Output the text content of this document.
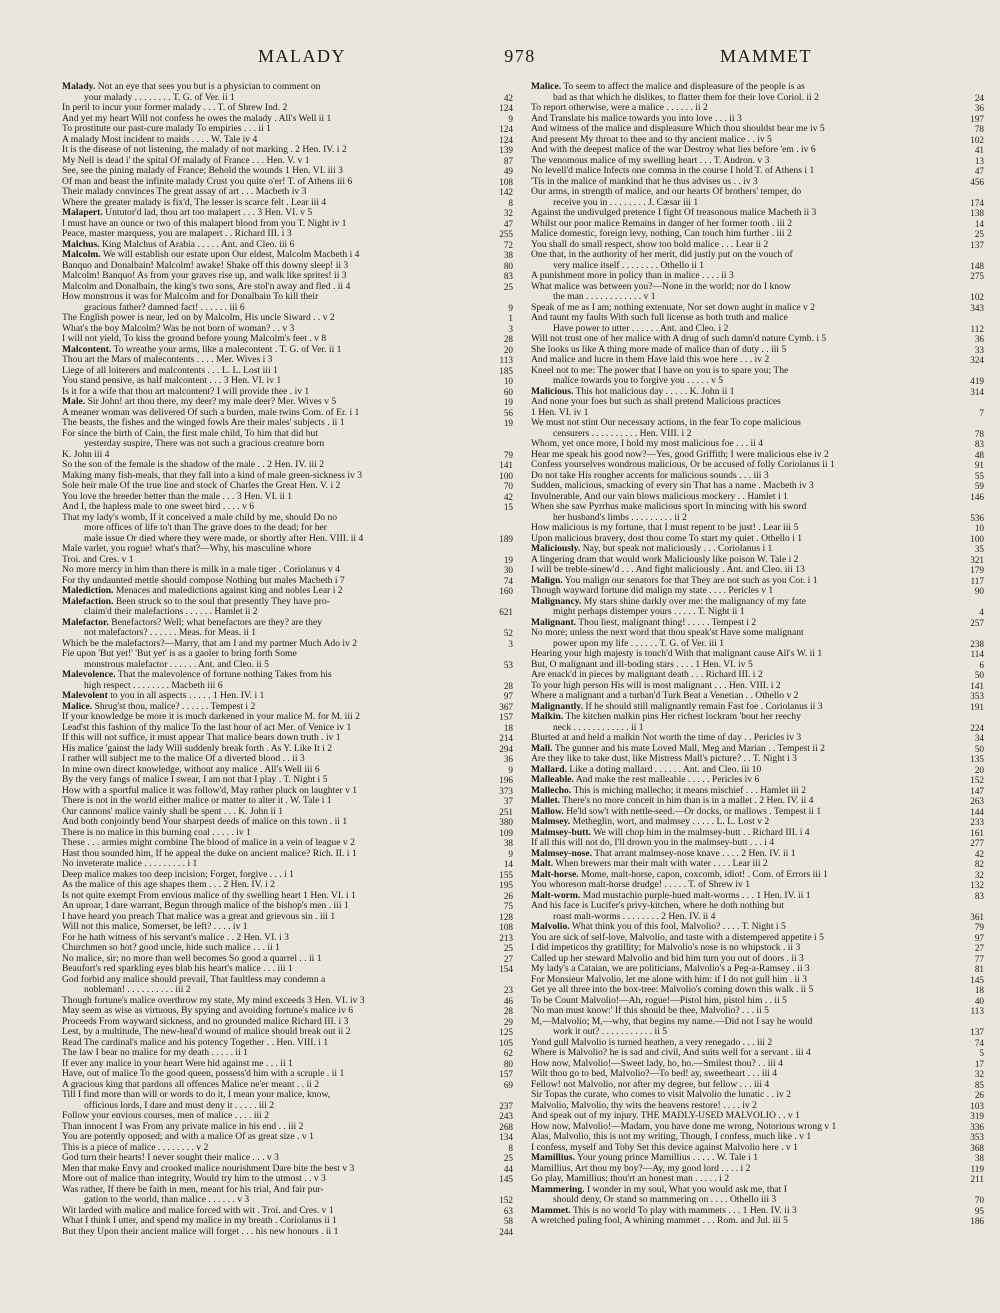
MALADY	978	MAMMET
Malady. Not an eye that sees you but is a physician to comment on
your malady . . . . . . . . T. G. of Ver. ii 1	42
In peril to incur your former malady . . . T. of Shrew Ind. 2	124
And yet my heart Will not confess he owes the malady . All's Well ii 1	9
To prostitute our past-cure malady To empiries . . . ii 1	124
A malady Most incident to maids . . . . W. Tale iv 4	124
It is the disease of not listening, the malady of not marking . 2 Hen. IV. i 2	139
My Nell is dead i' the spital Of malady of France . . . Hen. V. v 1	87
See, see the pining malady of France; Behold the wounds 1 Hen. VI. iii 3	49
Of man and beast the infinite malady Crust you quite o'er! T. of Athens iii 6	108
Their malady convinces The great assay of art . . . Macbeth iv 3	142
Where the greater malady is fix'd, The lesser is scarce felt . Lear iii 4	8
Malapert. Untutor'd lad, thou art too malapert . . . 3 Hen. VI. v 5	32
I must have an ounce or two of this malapert blood from you T. Night iv 1	47
Peace, master marquess, you are malapert . . Richard III. i 3	255
Malchus. King Malchus of Arabia . . . . . Ant. and Cleo. iii 6	72
Malcolm. We will establish our estate upon Our eldest, Malcolm Macbeth i 4	38
Banquo and Donalbain! Malcolm! awake! Shake off this downy sleep! ii 3	80
Malcolm! Banquo! As from your graves rise up, and walk like sprites! ii 3	83
Malcolm and Donalbain, the king's two sons, Are stol'n away and fled . ii 4	25
How monstrous it was for Malcolm and for Donalbain To kill their
gracious father? damned fact! . . . . . . iii 6	9
The English power is near, led on by Malcolm, His uncle Siward . . v 2	1
What's the boy Malcolm? Was he not born of woman? . . v 3	3
I will not yield, To kiss the ground before young Malcolm's feet . v 8	28
Malcontent. To wreathe your arms, like a malecontent . T. G. of Ver. ii 1	20
Thou art the Mars of malecontents . . . . Mer. Wives i 3	113
Liege of all loiterers and malcontents . . . L. L. Lost iii 1	185
You stand pensive, as half malcontent . . . 3 Hen. VI. iv 1	10
Is it for a wife that thou art malcontent? I will provide thee . iv 1	60
Male. Sir John! art thou there, my deer? my male deer? Mer. Wives v 5	19
A meaner woman was delivered Of such a burden, male twins Com. of Er. i 1	56
The beasts, the fishes and the winged fowls Are their males' subjects . ii 1	19
For since the birth of Cain, the first male child, To him that did but
yesterday suspire, There was not such a gracious creature born
K. John iii 4	79
So the son of the female is the shadow of the male . . 2 Hen. IV. iii 2	141
Making many fish-meals, that they fall into a kind of male green-sickness iv 3	100
Sole heir male Of the true line and stock of Charles the Great Hen. V. i 2	70
You love the breeder better than the male . . . 3 Hen. VI. ii 1	42
And I, the hapless male to one sweet bird . . . . v 6	15
That my lady's womb, If it conceived a male child by me, should Do no
more offices of life to't than The grave does to the dead; for her
male issue Or died where they were made, or shortly after Hen. VIII. ii 4	189
Male varlet, you rogue! what's that?—Why, his masculine whore
Troi. and Cres. v 1	19
No more mercy in him than there is milk in a male tiger . Coriolanus v 4	30
For thy undaunted mettle should compose Nothing but males Macbeth i 7	74
Malediction. Menaces and maledictions against king and nobles Lear i 2	160
Malefaction. Been struck so to the soul that presently They have pro-
claim'd their malefactions . . . . . . Hamlet ii 2	621
Malefactor. Benefactors? Well; what benefactors are they? are they
not malefactors? . . . . . . Meas. for Meas. ii 1	52
Which be the malefactors?—Marry, that am I and my partner Much Ado iv 2	3
Fie upon 'But yet!' 'But yet' is as a gaoler to bring forth Some
monstrous malefactor . . . . . . Ant. and Cleo. ii 5	53
Malevolence. That the malevolence of fortune nothing Takes from his
high respect . . . . . . . . Macbeth iii 6	28
Malevolent to you in all aspects . . . . . 1 Hen. IV. i 1	97
Malice. Shrug'st thou, malice? . . . . . . Tempest i 2	367
If your knowledge be more it is much darkened in your malice M. for M. iii 2	157
Lead'st this fashion of thy malice To the last hour of act Mer. of Venice iv 1	18
If this will not suffice, it must appear That malice bears down truth . iv 1	214
His malice 'gainst the lady Will suddenly break forth . As Y. Like It i 2	294
I rather will subject me to the malice Of a diverted blood . . ii 3	36
In mine own direct knowledge, without any malice . All's Well iii 6	9
By the very fangs of malice I swear, I am not that I play . T. Night i 5	196
How with a sportful malice it was follow'd, May rather pluck on laughter v 1	373
There is not in the world either malice or matter to alter it . W. Tale i 1	37
Our cannons' malice vainly shall be spent . . . K. John ii 1	251
And both conjointly bend Your sharpest deeds of malice on this town . ii 1	380
There is no malice in this burning coal . . . . . iv 1	109
These . . . armies might combine The blood of malice in a vein of league v 2	38
Hast thou sounded him, If he appeal the duke on ancient malice? Rich. II. i 1	9
No inveterate malice . . . . . . . . . i 1	14
Deep malice makes too deep incision; Forget, forgive . . . i 1	155
As the malice of this age shapes them . . . 2 Hen. IV. i 2	195
Is not quite exempt From envious malice of thy swelling heart 1 Hen. VI. i 1	26
An uproar, I dare warrant, Begun through malice of the bishop's men . iii 1	75
I have heard you preach That malice was a great and grievous sin . iii 1	128
Will not this malice, Somerset, be left? . . . . iv 1	108
For he hath witness of his servant's malice . . 2 Hen. VI. i 3	213
Churchmen so hot? good uncle, hide such malice . . . ii 1	25
No malice, sir; no more than well becomes So good a quarrel . . ii 1	27
Beaufort's red sparkling eyes blab his heart's malice . . . iii 1	154
God forbid any malice should prevail, That faultless may condemn a
nobleman! . . . . . . . . . . iii 2	23
Though fortune's malice overthrow my state, My mind exceeds 3 Hen. VI. iv 3	46
May seem as wise as virtuous, By spying and avoiding fortune's malice iv 6	28
Proceeds From wayward sickness, and no grounded malice Richard III. i 3	29
Lest, by a multitude, The new-heal'd wound of malice should break out ii 2	125
Read The cardinal's malice and his potency Together . . Hen. VIII. i 1	105
The law I bear no malice for my death . . . . . ii 1	62
If ever any malice in your heart Were hid against me . . . ii 1	80
Have, out of malice To the good queen, possess'd him with a scruple . ii 1	157
A gracious king that pardons all offences Malice ne'er meant . . ii 2	69
Till I find more than will or words to do it, I mean your malice, know,
officious lords, I dare and must deny it . . . . . iii 2	237
Follow your envious courses, men of malice . . . . iii 2	243
Than innocent I was From any private malice in his end . . iii 2	268
You are potently opposed; and with a malice Of as great size . v 1	134
This is a piece of malice . . . . . . . . v 2	8
God turn their hearts! I never sought their malice . . . v 3	25
Men that make Envy and crooked malice nourishment Dare bite the best v 3	44
More out of malice than integrity, Would try him to the utmost . . v 3	145
Was rather, If there be faith in men, meant for his trial, And fair pur-
gation to the world, than malice . . . . . . v 3	152
Wit larded with malice and malice forced with wit . Troi. and Cres. v 1	63
What I think I utter, and spend my malice in my breath . Coriolanus ii 1	58
But they Upon their ancient malice will forget . . . his new honours . ii 1	244
Malice. To seem to affect the malice and displeasure of the people is as
bad as that which he dislikes, to flatter them for their love Coriol. ii 2	24
To report otherwise, were a malice . . . . . . ii 2	36
And Translate his malice towards you into love . . . ii 3	197
And witness of the malice and displeasure Which thou shouldst bear me iv 5	78
And present My throat to thee and to thy ancient malice . . iv 5	102
And with the deepest malice of the war Destroy what lies before 'em . iv 6	41
The venomous malice of my swelling heart . . . T. Andron. v 3	13
No levell'd malice Infects one comma in the course I hold T. of Athens i 1	47
'Tis in the malice of mankind that he thus advises us . . iv 3	456
Our arms, in strength of malice, and our hearts Of brothers' temper, do
receive you in . . . . . . . . J. Cæsar iii 1	174
Against the undivulged pretence I fight Of treasonous malice Macbeth ii 3	138
Whilst our poor malice Remains in danger of her former tooth . iii 2	14
Malice domestic, foreign levy, nothing, Can touch him further . iii 2	25
You shall do small respect, show too bold malice . . . Lear ii 2	137
One that, in the authority of her merit, did justly put on the vouch of
very malice itself . . . . . . . . Othello ii 1	148
A punishment more in policy than in malice . . . . ii 3	275
What malice was between you?—None in the world; nor do I know
the man . . . . . . . . . . . . v 1	102
Speak of me as I am; nothing extenuate, Nor set down aught in malice v 2	343
And taunt my faults With such full license as both truth and malice
Have power to utter . . . . . . Ant. and Cleo. i 2	112
Will not trust one of her malice with A drug of such damn'd nature Cymb. i 5	36
She looks us like A thing more made of malice than of duty . . iii 5	33
And malice and lucre in them Have laid this woe here . . . iv 2	324
Kneel not to me: The power that I have on you is to spare you; The
malice towards you to forgive you . . . . . v 5	419
Malicious. This hot malicious day . . . . . K. John ii 1	314
And none your foes but such as shall pretend Malicious practices
1 Hen. VI. iv 1	7
We must not stint Our necessary actions, in the fear To cope malicious
censurers . . . . . . . . . . Hen. VIII. i 2	78
Whom, yet once more, I hold my most malicious foe . . . ii 4	83
Hear me speak his good now?—Yes, good Griffith; I were malicious else iv 2	48
Confess yourselves wondrous malicious, Or be accused of folly Coriolanus ii 1	91
Do not take His rougher accents for malicious sounds . . . iii 3	55
Sudden, malicious, smacking of every sin That has a name . Macbeth iv 3	59
Invulnerable, And our vain blows malicious mockery . . Hamlet i 1	146
When she saw Pyrrhus make malicious sport In mincing with his sword
her husband's limbs . . . . . . . . . ii 2	536
How malicious is my fortune, that I must repent to be just! . Lear iii 5	10
Upon malicious bravery, dost thou come To start my quiet . Othello i 1	100
Maliciously. Nay, but speak not maliciously . . . Coriolanus i 1	35
A lingering dram that would work Maliciously like poison W. Tale i 2	321
I will be treble-sinew'd . . . And fight maliciously . Ant. and Cleo. iii 13	179
Malign. You malign our senators for that They are not such as you Cor. i 1	117
Though wayward fortune did malign my state . . . . Pericles v 1	90
Malignancy. My stars shine darkly over me: the malignancy of my fate
might perhaps distemper yours . . . . . T. Night ii 1	4
Malignant. Thou liest, malignant thing! . . . . . Tempest i 2	257
No more; unless the next word that thou speak'st Have some malignant
power upon my life . . . . . . T. G. of Ver. iii 1	238
Hearing your high majesty is touch'd With that malignant cause All's W. ii 1	114
But, O malignant and ill-boding stars . . . . 1 Hen. VI. iv 5	6
Are enack'd in pieces by malignant death . . . Richard III. i 2	50
To your high person His will is most malignant . . . Hen. VIII. i 2	141
Where a malignant and a turban'd Turk Beat a Venetian . . Othello v 2	353
Malignantly. If he should still malignantly remain Fast foe . Coriolanus ii 3	191
Malkin. The kitchen malkin pins Her richest lockram 'bout her reechy
neck . . . . . . . . . . . . ii 1	224
Blurted at and held a malkin Not worth the time of day . . Pericles iv 3	34
Mall. The gunner and his mate Loved Mall, Meg and Marian . . Tempest ii 2	50
Are they like to take dust, like Mistress Mall's picture? . . T. Night i 3	135
Mallard. Like a doting mallard . . . . . . Ant. and Cleo. iii 10	20
Malleable. And make the rest malleable . . . . . Pericles iv 6	152
Mallecho. This is miching mallecho; it means mischief . . . Hamlet iii 2	147
Mallet. There's no more conceit in him than is in a mallet . 2 Hen. IV. ii 4	263
Mallow. He'ld sow't with nettle-seed.—Or docks, or mallows . Tempest ii 1	144
Malmsey. Metheglin, wort, and malmsey . . . . . L. L. Lost v 2	233
Malmsey-butt. We will chop him in the malmsey-butt . . Richard III. i 4	161
If all this will not do, I'll drown you in the malmsey-butt . . . i 4	277
Malmsey-nose. That arrant malmsey-nose knave . . . . 2 Hen. IV. ii 1	42
Malt. When brewers mar their malt with water . . . . Lear iii 2	82
Malt-horse. Mome, malt-horse, capon, coxcomb, idiot! . Com. of Errors iii 1	32
You whoreson malt-horse drudge! . . . . . T. of Shrew iv 1	132
Malt-worm. Mad mustachio purple-hued malt-worms . . . 1 Hen. IV. ii 1	83
And his face is Lucifer's privy-kitchen, where he doth nothing but
roast malt-worms . . . . . . . . 2 Hen. IV. ii 4	361
Malvolio. What think you of this fool, Malvolio? . . . . T. Night i 5	79
You are sick of self-love, Malvolio, and taste with a distempered appetite i 5	97
I did impeticos thy gratillity; for Malvolio's nose is no whipstock . ii 3	27
Called up her steward Malvolio and bid him turn you out of doors . ii 3	77
My lady's a Cataian, we are politicians, Malvolio's a Peg-a-Ramsey . ii 3	81
For Monsieur Malvolio, let me alone with him: if I do not gull him . ii 3	145
Get ye all three into the box-tree: Malvolio's coming down this walk . ii 5	18
To be Count Malvolio!—Ah, rogue!—Pistol him, pistol him . . ii 5	40
'No man must know:' If this should be thee, Malvolio? . . . ii 5	113
M,—Malvolio; M,—why, that begins my name.—Did not I say he would
work it out? . . . . . . . . . . . ii 5	137
Yond gull Malvolio is turned heathen, a very renegado . . . iii 2	74
Where is Malvolio? he is sad and civil, And suits well for a servant . iii 4	5
How now, Malvolio!—Sweet lady, ho, ho.—Smilest thou? . . iii 4	17
Wilt thou go to bed, Malvolio?—To bed! ay, sweetheart . . . iii 4	32
Fellow! not Malvolio, nor after my degree, but fellow . . . iii 4	85
Sir Topas the curate, who comes to visit Malvolio the lunatic . . iv 2	26
Malvolio, Malvolio, thy wits the heavens restore! . . . . iv 2	103
And speak out of my injury. THE MADLY-USED MALVOLIO . . v 1	319
How now, Malvolio!—Madam, you have done me wrong, Notorious wrong v 1	336
Alas, Malvolio, this is not my writing, Though, I confess, much like . v 1	353
I confess, myself and Toby Set this device against Malvolio here . v 1	368
Mamillius. Your young prince Mamillius . . . . . W. Tale i 1	38
Mamillius, Art thou my boy?—Ay, my good lord . . . . i 2	119
Go play, Mamillius; thou'rt an honest man . . . . . i 2	211
Mammering. I wonder in my soul, What you would ask me, that I
should deny, Or stand so mammering on . . . . Othello iii 3	70
Mammet. This is no world To play with mammets . . . 1 Hen. IV. ii 3	95
A wretched puling fool, A whining mammet . . . Rom. and Jul. iii 5	186
